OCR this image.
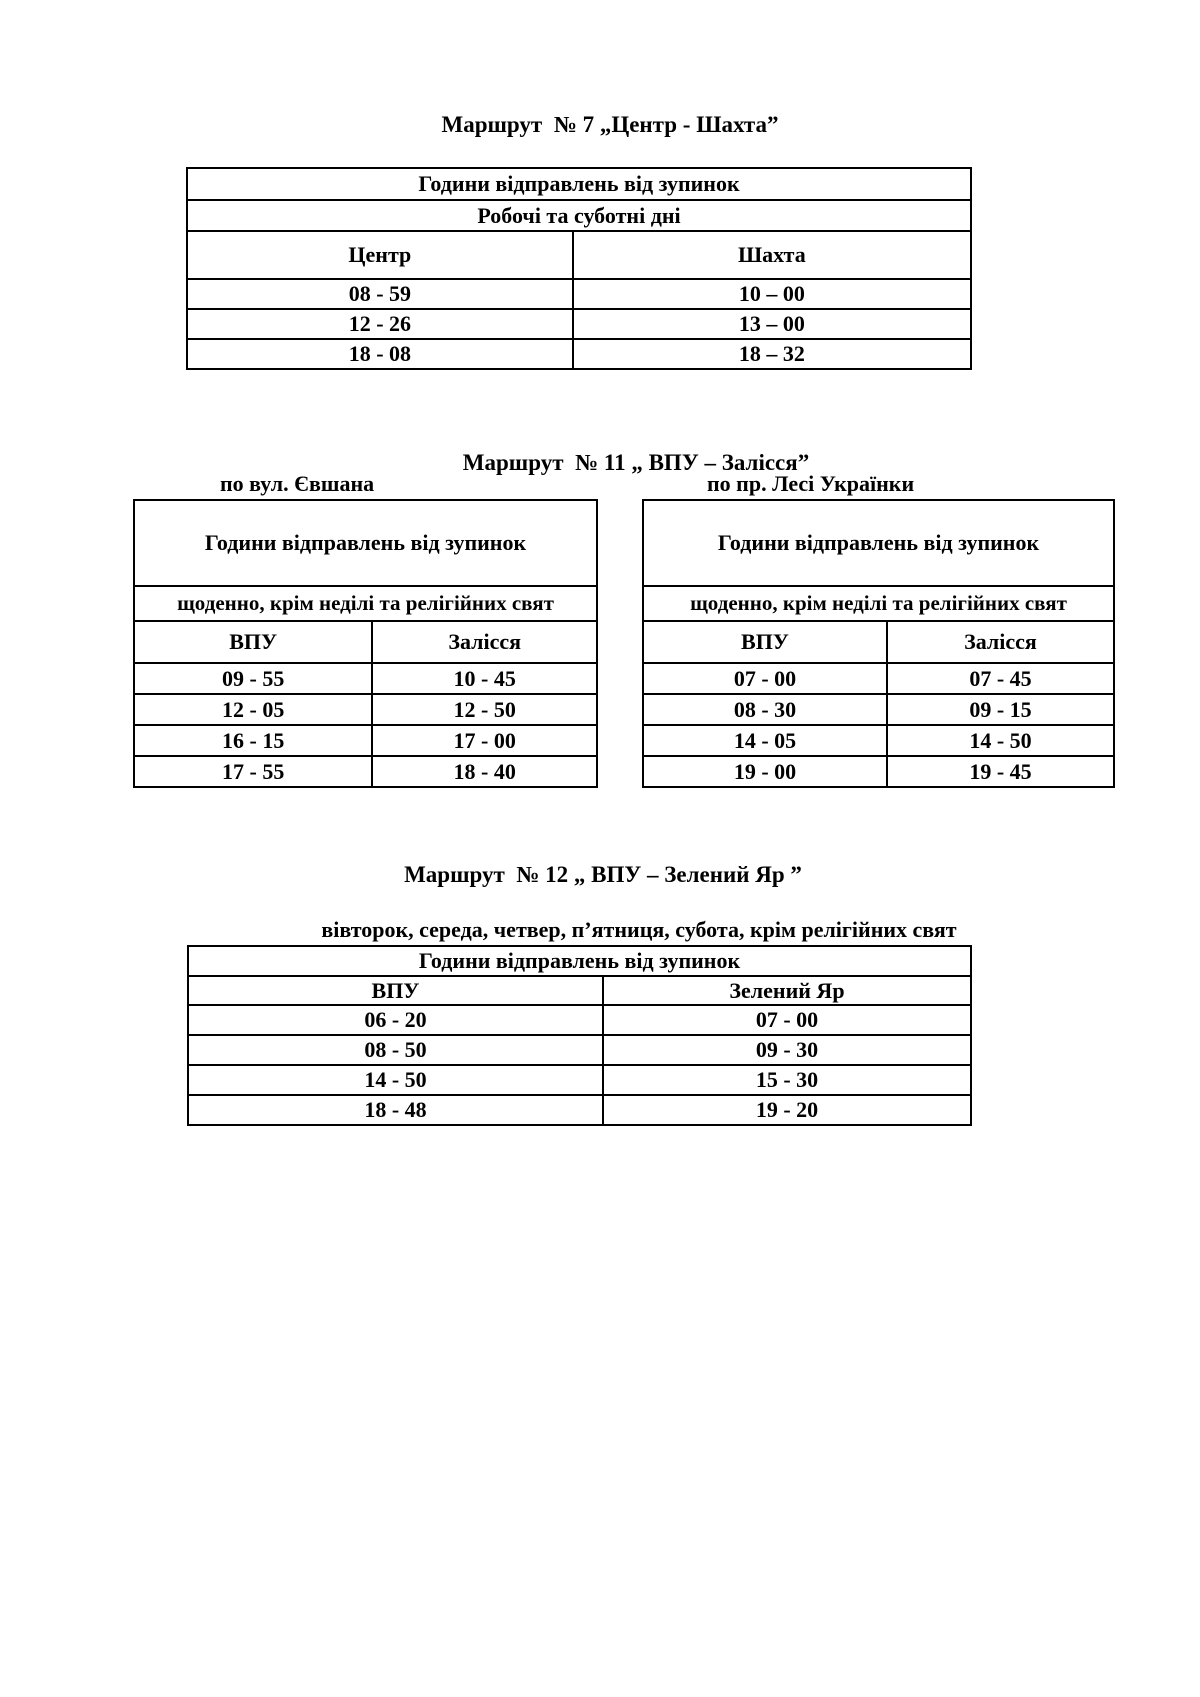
Маршрут  № 7 „Центр - Шахта”
Години відправлень від зупинок	
Робочі та суботні дні	
Центр	Шахта
08 - 59	10 – 00
12 - 26	13 – 00
18 - 08	18 – 32
Маршрут  № 11 „ ВПУ – Залісся”
по вул. Євшана	по пр. Лесі Українки
Години відправлень від зупинок	
щоденно, крім неділі та релігійних свят	
ВПУ	Залісся
09 - 55	10 - 45
12 - 05	12 - 50
16 - 15	17 - 00
17 - 55	18 - 40
Години відправлень від зупинок	
щоденно, крім неділі та релігійних свят	
ВПУ	Залісся
07 - 00	07 - 45
08 - 30	09 - 15
14 - 05	14 - 50
19 - 00	19 - 45
Маршрут  № 12 „ ВПУ – Зелений Яр ”
вівторок, середа, четвер, п’ятниця, субота, крім релігійних свят
Години відправлень від зупинок	
ВПУ	Зелений Яр
06 - 20	07 - 00
08 - 50	09 - 30
14 - 50	15 - 30
18 - 48	19 - 20
